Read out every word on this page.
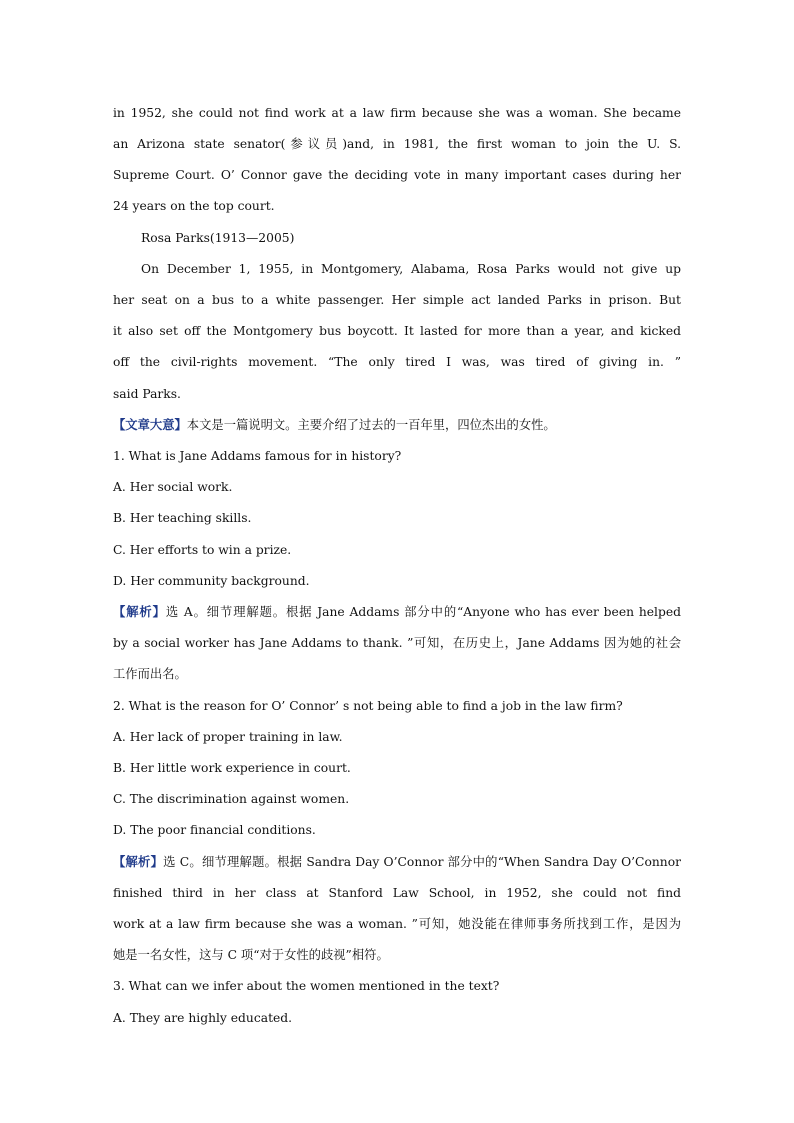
in 1952, she could not find work at a law firm because she was a woman. She became
an Arizona state senator(参议员)and, in 1981, the first woman to join the U. S.
Supreme Court. O’ Connor gave the deciding vote in many important cases during her
24 years on the top court.
Rosa Parks(1913—2005)
On December 1, 1955, in Montgomery, Alabama, Rosa Parks would not give up
her seat on a bus to a white passenger. Her simple act landed Parks in prison. But
it also set off the Montgomery bus boycott. It lasted for more than a year, and kicked
off the civil-rights movement. “The only tired I was, was tired of giving in. ”
said Parks.
【文章大意】本文是一篇说明文。主要介绍了过去的一百年里，四位杰出的女性。
1. What is Jane Addams famous for in history?
A. Her social work.
B. Her teaching skills.
C. Her efforts to win a prize.
D. Her community background.
【解析】选 A。细节理解题。根据 Jane Addams 部分中的“Anyone who has ever been helped
by a social worker has Jane Addams to thank. ”可知，在历史上，Jane Addams 因为她的社会
工作而出名。
2. What is the reason for O’ Connor’ s not being able to find a job in the law firm?
A. Her lack of proper training in law.
B. Her little work experience in court.
C. The discrimination against women.
D. The poor financial conditions.
【解析】选 C。细节理解题。根据 Sandra Day O’Connor 部分中的“When Sandra Day O’Connor
finished third in her class at Stanford Law School, in 1952, she could not find
work at a law firm because she was a woman. ”可知，她没能在律师事务所找到工作，是因为
她是一名女性，这与 C 项“对于女性的歧视”相符。
3. What can we infer about the women mentioned in the text?
A. They are highly educated.
